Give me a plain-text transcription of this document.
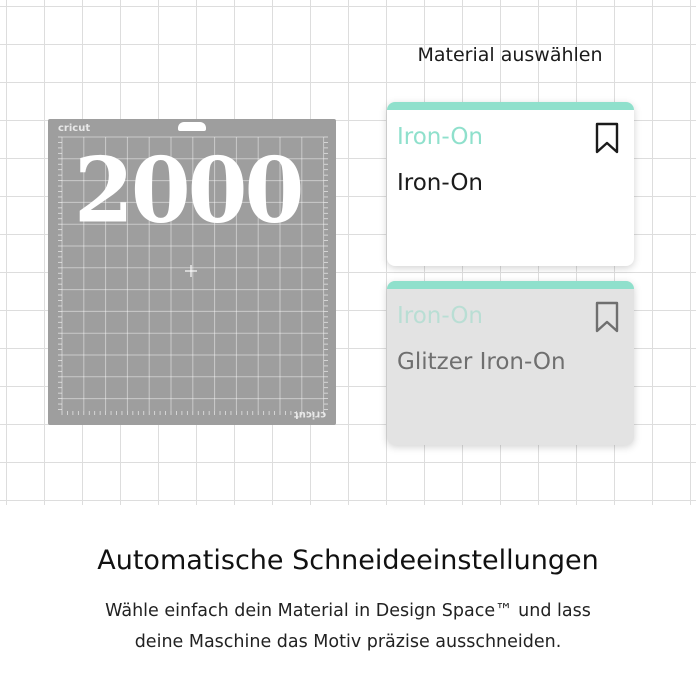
cricut
cricut
2000
Material auswählen
Iron-On
Iron-On
Iron-On
Glitzer Iron-On
Automatische Schneideeinstellungen
Wähle einfach dein Material in Design Space™ und lass
deine Maschine das Motiv präzise ausschneiden.
